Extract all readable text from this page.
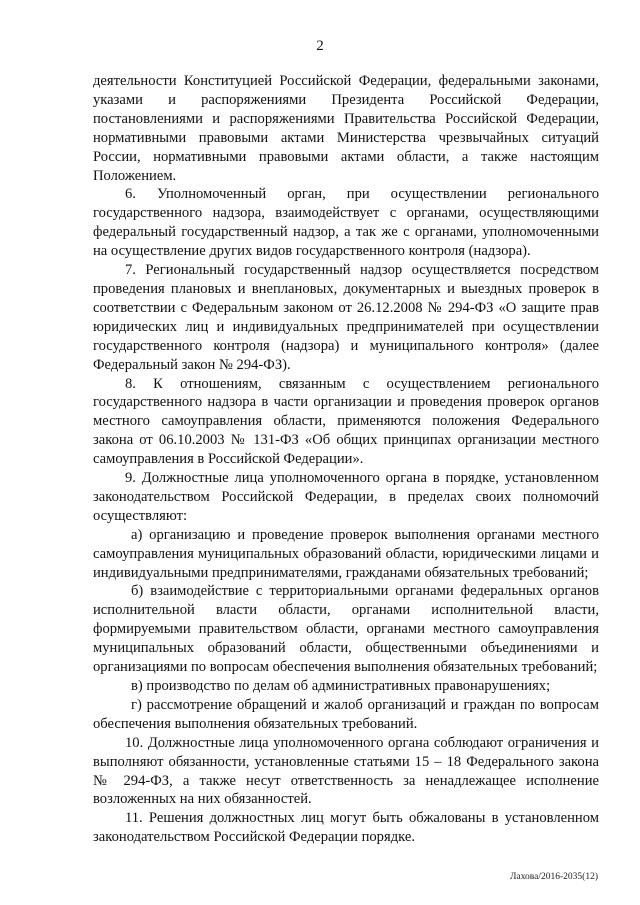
2

деятельности Конституцией Российской Федерации, федеральными законами, указами и распоряжениями Президента Российской Федерации, постановлениями и распоряжениями Правительства Российской Федерации, нормативными правовыми актами Министерства чрезвычайных ситуаций России, нормативными правовыми актами области, а также настоящим Положением.

6. Уполномоченный орган, при осуществлении регионального государственного надзора, взаимодействует с органами, осуществляющими федеральный государственный надзор, а так же с органами, уполномоченными на осуществление других видов государственного контроля (надзора).

7. Региональный государственный надзор осуществляется посредством проведения плановых и внеплановых, документарных и выездных проверок в соответствии с Федеральным законом от 26.12.2008 № 294-ФЗ «О защите прав юридических лиц и индивидуальных предпринимателей при осуществлении государственного контроля (надзора) и муниципального контроля» (далее Федеральный закон № 294-ФЗ).

8. К отношениям, связанным с осуществлением регионального государственного надзора в части организации и проведения проверок органов местного самоуправления области, применяются положения Федерального закона от 06.10.2003 № 131-ФЗ «Об общих принципах организации местного самоуправления в Российской Федерации».

9. Должностные лица уполномоченного органа в порядке, установленном законодательством Российской Федерации, в пределах своих полномочий осуществляют:

а) организацию и проведение проверок выполнения органами местного самоуправления муниципальных образований области, юридическими лицами и индивидуальными предпринимателями, гражданами обязательных требований;

б) взаимодействие с территориальными органами федеральных органов исполнительной власти области, органами исполнительной власти, формируемыми правительством области, органами местного самоуправления муниципальных образований области, общественными объединениями и организациями по вопросам обеспечения выполнения обязательных требований;

в) производство по делам об административных правонарушениях;

г) рассмотрение обращений и жалоб организаций и граждан по вопросам обеспечения выполнения обязательных требований.

10. Должностные лица уполномоченного органа соблюдают ограничения и выполняют обязанности, установленные статьями 15 – 18 Федерального закона № 294-ФЗ, а также несут ответственность за ненадлежащее исполнение возложенных на них обязанностей.

11. Решения должностных лиц могут быть обжалованы в установленном законодательством Российской Федерации порядке.

Лахова/2016-2035(12)
